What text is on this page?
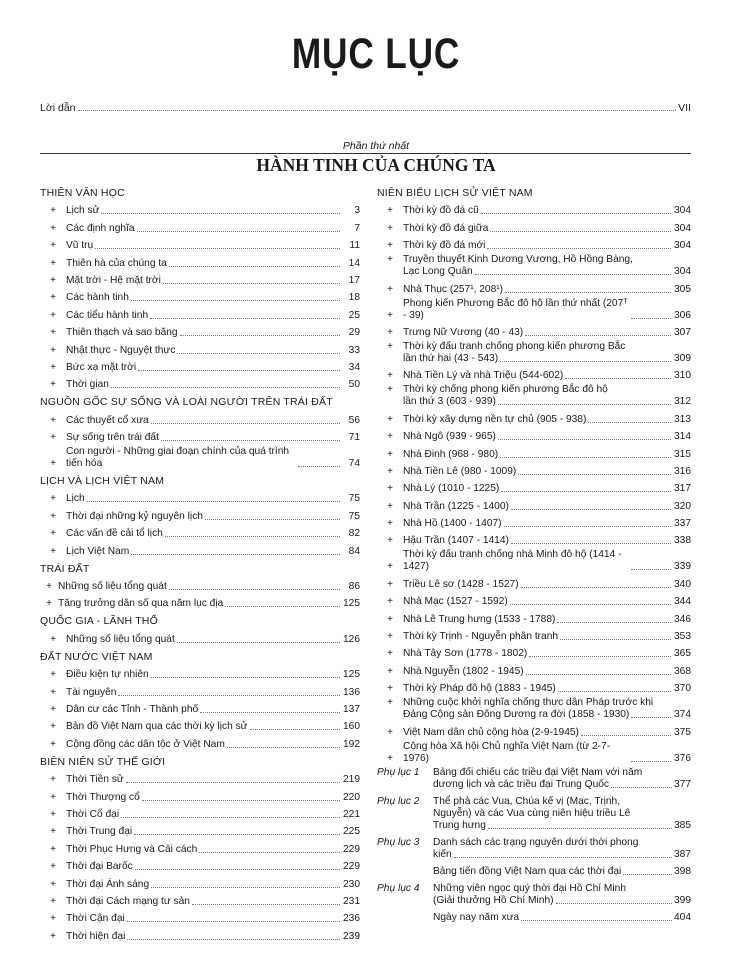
MỤC LỤC
Lời dẫn	VII
Phần thứ nhất
HÀNH TINH CỦA CHÚNG TA
THIÊN VĂN HỌC
+ Lịch sử	3
+ Các định nghĩa	7
+ Vũ trụ	11
+ Thiên hà của chúng ta	14
+ Mặt trời - Hệ mặt trời	17
+ Các hành tinh	18
+ Các tiểu hành tinh	25
+ Thiên thạch và sao băng	29
+ Nhật thực - Nguyệt thực	33
+ Bức xạ mặt trời	34
+ Thời gian	50
NGUỒN GỐC SỰ SỐNG VÀ LOÀI NGƯỜI TRÊN TRÁI ĐẤT
+ Các thuyết cổ xưa	56
+ Sự sống trên trái đất	71
+
Con người - Những giai đoạn chính của quá trình tiến hóa	74
LỊCH VÀ LỊCH VIỆT NAM
+ Lịch	75
+ Thời đại những kỷ nguyên lịch	75
+ Các vấn đề cải tổ lịch	82
+ Lịch Việt Nam	84
TRÁI ĐẤT
+ Những số liệu tổng quát	86
+ Tăng trưởng dân số qua năm lục địa	125
QUỐC GIA - LÃNH THỔ
+ Những số liệu tổng quát	126
ĐẤT NƯỚC VIỆT NAM
+ Điều kiện tự nhiên	125
+ Tài nguyên	136
+ Dân cư các Tỉnh - Thành phố	137
+ Bản đồ Việt Nam qua các thời kỳ lịch sử	160
+ Cộng đồng các dân tộc ở Việt Nam	192
BIÊN NIÊN SỬ THẾ GIỚI
+ Thời Tiền sử	219
+ Thời Thượng cổ	220
+ Thời Cổ đại	221
+ Thời Trung đại	225
+ Thời Phục Hưng và Cải cách	229
+ Thời đại Barốc	229
+ Thời đại Ánh sáng	230
+ Thời đại Cách mạng tư sản	231
+ Thời Cận đại	236
+ Thời hiện đại	239
NIÊN BIỂU LỊCH SỬ VIỆT NAM
+ Thời kỳ đồ đá cũ	304
+ Thời kỳ đồ đá giữa	304
+ Thời kỳ đồ đá mới	304
+ Truyền thuyết Kinh Dương Vương, Hồ Hồng Bàng,
Lạc Long Quân	304
+ Nhà Thục (257¹, 208¹)	305
+
Phong kiến Phương Bắc đô hộ lần thứ nhất (207ᵀ - 39)	306
+ Trưng Nữ Vương (40 - 43)	307
+ Thời kỳ đấu tranh chống phong kiến phương Bắc
lần thứ hai (43 - 543)	309
+ Nhà Tiền Lý và nhà Triệu (544-602)	310
+ Thời kỳ chống phong kiến phương Bắc đô hộ
lần thứ 3 (603 - 939)	312
+ Thời kỳ xây dựng nền tự chủ (905 - 938)	313
+ Nhà Ngô (939 - 965)	314
+ Nhà Đinh (968 - 980)	315
+ Nhà Tiền Lê (980 - 1009)	316
+ Nhà Lý (1010 - 1225)	317
+ Nhà Trần (1225 - 1400)	320
+ Nhà Hồ (1400 - 1407)	337
+ Hậu Trần (1407 - 1414)	338
+
Thời kỳ đấu tranh chống nhà Minh đô hộ (1414 - 1427)	339
+ Triều Lê sơ (1428 - 1527)	340
+ Nhà Mạc (1527 - 1592)	344
+ Nhà Lê Trung hưng (1533 - 1788)	346
+ Thời kỳ Trịnh - Nguyễn phân tranh	353
+ Nhà Tây Sơn (1778 - 1802)	365
+ Nhà Nguyễn (1802 - 1945)	368
+ Thời kỳ Pháp đô hộ (1883 - 1945)	370
+ Những cuộc khởi nghĩa chống thực dân Pháp trước khi
Đảng Cộng sản Đông Dương ra đời (1858 - 1930)	374
+ Việt Nam dân chủ cộng hòa (2-9-1945)	375
+
Cộng hòa Xã hội Chủ nghĩa Việt Nam (từ 2-7-1976)	376
Phụ lục 1	Bảng đối chiếu các triều đại Việt Nam với năm
dương lịch và các triều đại Trung Quốc	377
Phụ lục 2	Thể phả các Vua, Chúa kế vị (Mạc, Trịnh,
Nguyễn) và các Vua cùng niên hiệu triều Lê
Trung hưng	385
Phụ lục 3	Danh sách các trạng nguyên dưới thời phong
kiến	387
Bảng tiến đồng Việt Nam qua các thời đại	398
Phụ lục 4	Những viên ngọc quý thời đại Hồ Chí Minh
(Giải thưởng Hồ Chí Minh)	399
Ngày nay năm xưa	404
